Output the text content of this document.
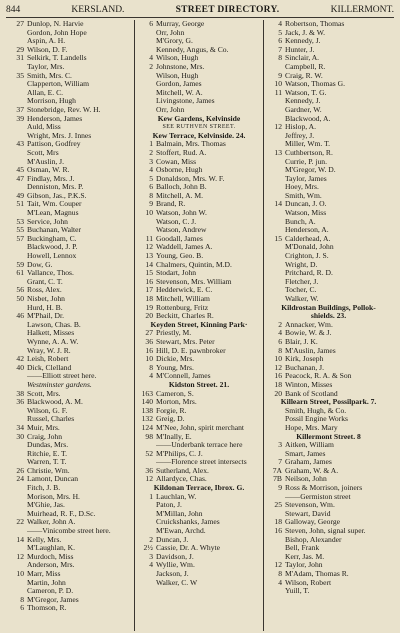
844	KERSLAND.	STREET DIRECTORY.	KILLERMONT.
27 Dunlop, N. Harvie
Gordon, John Hope
Aspin, A. H.
29 Wilson, D. F.
31 Selkirk, T. Landells
Taylor, Mrs.
35 Smith, Mrs. C.
Clapperton, William
Allan, E. C.
Morrison, Hugh
37 Stonebridge, Rev. W. H.
39 Henderson, James
Auld, Miss
Wright, Mrs. J. Innes
43 Pattison, Godfrey
Scott, Mrs
M'Auslin, J.
45 Osman, W. R.
47 Findlay, Mrs. J.
Denniston, Mrs. P.
49 Gibson, Jas., P.K.S.
51 Tait, Wm. Couper
M'Lean, Magnus
53 Service, John
55 Buchanan, Walter
57 Buckingham, C.
Blackwood, J. P.
Howell, Lennox
59 Dow, G.
61 Vallance, Thos.
Grant, C. T.
56 Ross, Alex.
50 Nisbet, John
Hurd, H. B.
46 M'Phail, Dr.
Lawson, Chas. B.
Halkett, Misses
Wynne, A. A. W.
Wray, W. J. R.
42 Leish, Robert
40 Dick, Clelland
——Elliott street here.
Westminster gardens.
38 Scott, Mrs.
36 Blackwood, A. M.
Wilson, G. F.
Russel, Charles
34 Muir, Mrs.
30 Craig, John
Dundas, Mrs.
Ritchie, E. T.
Warren, T. T.
26 Christie, Wm.
24 Lamont, Duncan
Fitch, J. B.
Morison, Mrs. H.
M'Ghie, Jas.
Muirhead, R. F., D.Sc.
22 Walker, John A.
——Vinicombe street here.
14 Kelly, Mrs.
M'Laughlan, K.
12 Murdoch, Miss
Anderson, Mrs.
10 Marr, Miss
Martin, John
Cameron, P. D.
8 M'Gregor, James
6 Thomson, R.
6 Murray, George
Orr, John
M'Grory, G.
Kennedy, Angus, & Co.
4 Wilson, Hugh
2 Johnstone, Mrs.
Wilson, Hugh
Gordon, James
Mitchell, W. A.
Livingstone, James
Orr, John
Kew Gardens, Kelvinside
SEE RUTHVEN STREET.
Kew Terrace, Kelvinside. 24.
1 Balmain, Mrs. Thomas
2 Stoffert, Rud. A.
3 Cowan, Miss
4 Osborne, Hugh
5 Donaldson, Mrs. W. F.
6 Balloch, John B.
8 Mitchell, A. M.
9 Brand, R.
10 Watson, John W.
Watson, C. J.
Watson, Andrew
11 Goodall, James
12 Waddell, James A.
13 Young, Geo. B.
14 Chalmers, Quintin, M.D.
15 Stodart, John
16 Stevenson, Mrs. William
17 Hedderwick, E. C.
18 Mitchell, William
19 Rottenburg, Fritz
20 Beckitt, Charles R.
Keyden Street, Kinning Park·
27 Priestly, M.
36 Stewart, Mrs. Peter
16 Hill, D. E. pawnbroker
10 Dickie, Mrs.
8 Young, Mrs.
4 M'Connell, James
Kidston Street. 21.
163 Cameron, S.
140 Morton, Mrs.
138 Forgie, R.
132 Greig, D.
124 M'Nee, John, spirit merchant
98 M'Inally, E.
——Underbank terrace here
52 M'Philips, C. J.
——Florence street intersects
36 Sutherland, Alex.
12 Allardyce, Chas.
Kildonan Terrace, Ibrox. G.
1 Lauchlan, W.
Paton, J.
M'Millan, John
Cruickshanks, James
M'Ewan, Archd.
2 Duncan, J.
2½ Cassie, Dr. A. Whyte
3 Davidson, J.
4 Wyllie, Wm.
Jackson, J.
Walker, C. W
4 Robertson, Thomas
5 Jack, J. & W.
6 Kennedy, J.
7 Hunter, J.
8 Sinclair, A.
Campbell, R.
9 Craig, R. W.
10 Watson, Thomas G.
11 Watson, T. G.
Kennedy, J.
Gardner, W.
Blackwood, A.
12 Hislop, A.
Jeffrey, J.
Miller, Wm. T.
13 Cuthbertson, R.
Currie, P. jun.
M'Gregor, W. D.
Taylor, James
Hoey, Mrs.
Smith, Wm.
14 Duncan, J. O.
Watson, Miss
Bunch, A.
Henderson, A.
15 Calderhead, A.
M'Donald, John
Crighton, J. S.
Wright, D.
Pritchard, R. D.
Fletcher, J.
Tocher, C.
Walker, W.
Kildrostan Buildings, Pollok-
shields. 23.
2 Annacker, Wm.
4 Bowie, W. & J.
6 Blair, J. K.
8 M'Auslin, James
10 Kirk, Joseph
12 Buchanan, J.
16 Peacock, R. A. & Son
18 Winton, Misses
20 Bank of Scotland
Killearn Street, Possilpark. 7.
Smith, Hugh, & Co.
Possil Engine Works
Hope, Mrs. Mary
Killermont Street. 8
3 Aitken, William
Smart, James
7 Graham, James
7A Graham, W. & A.
7B Neilson, John
9 Ross & Morrison, joiners
——Germiston street
25 Stevenson, Wm.
Stewart, David
18 Galloway, George
16 Steven, John, signal super.
Bishop, Alexander
Bell, Frank
Kerr, Jas. M.
12 Taylor, John
8 M'Adam, Thomas R.
4 Wilson, Robert
Yuill, T.
